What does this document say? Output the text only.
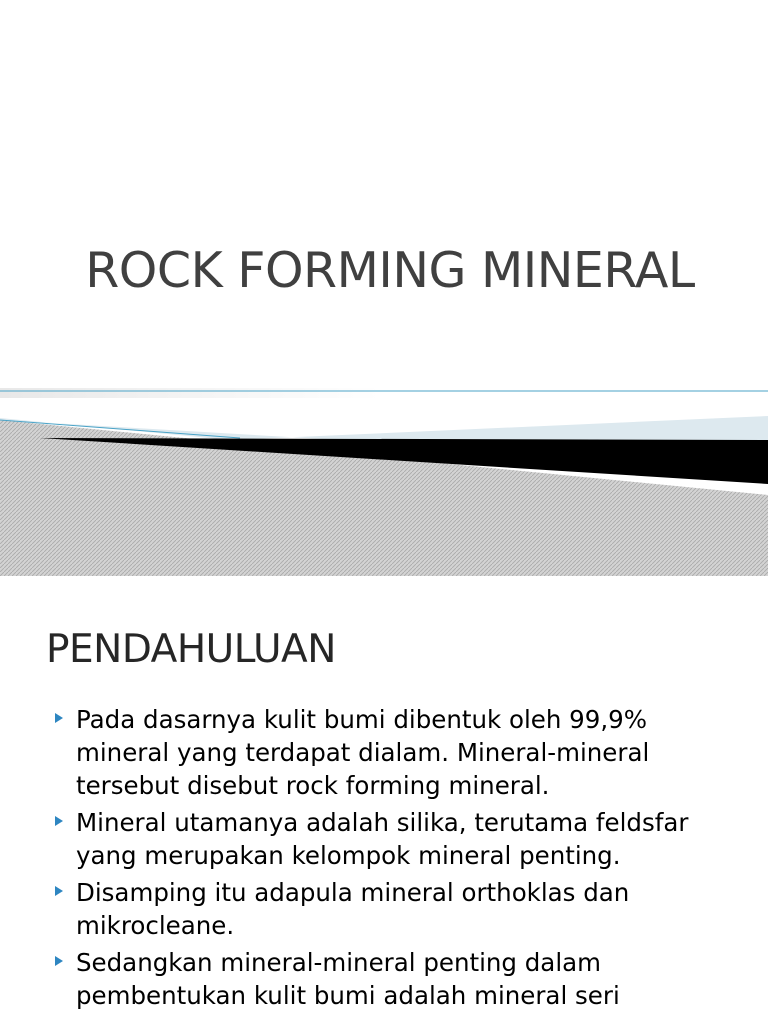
ROCK FORMING MINERAL
PENDAHULUAN
Pada dasarnya kulit bumi dibentuk oleh 99,9% mineral yang terdapat dialam. Mineral-mineral tersebut disebut rock forming mineral.
Mineral utamanya adalah silika, terutama feldsfar yang merupakan kelompok mineral penting.
Disamping itu adapula mineral orthoklas dan mikrocleane.
Sedangkan mineral-mineral penting dalam pembentukan kulit bumi adalah mineral seri
